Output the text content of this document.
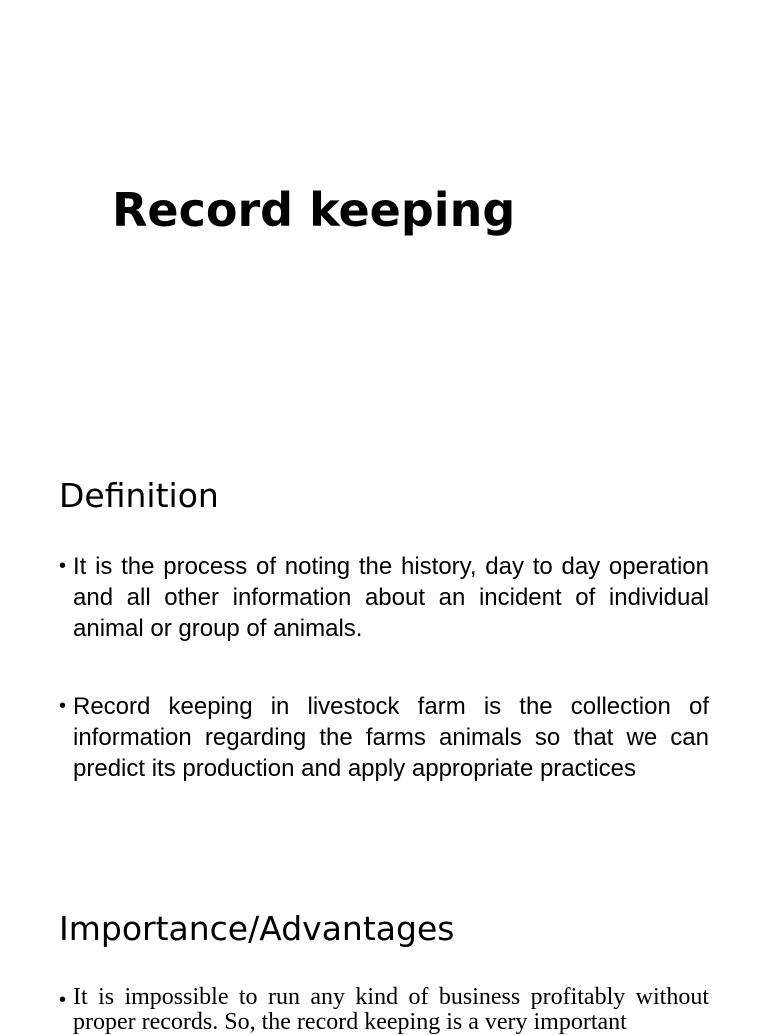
Record keeping
Definition
• It is the process of noting the history, day to day operation and all other information about an incident of individual animal or group of animals.

• Record keeping in livestock farm is the collection of information regarding the farms animals so that we can predict its production and apply appropriate practices

Importance/Advantages
• It is impossible to run any kind of business profitably without proper records. So, the record keeping is a very important
